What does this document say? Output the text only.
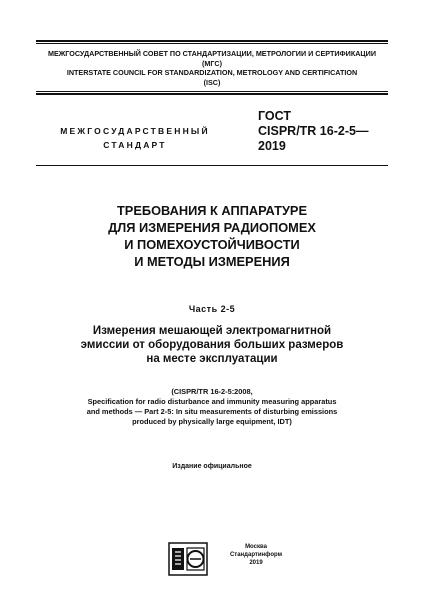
МЕЖГОСУДАРСТВЕННЫЙ СОВЕТ ПО СТАНДАРТИЗАЦИИ, МЕТРОЛОГИИ И СЕРТИФИКАЦИИ
(МГС)
INTERSTATE COUNCIL FOR STANDARDIZATION, METROLOGY AND CERTIFICATION
(ISC)
МЕЖГОСУДАРСТВЕННЫЙ
СТАНДАРТ
ГОСТ
CISPR/TR 16-2-5—
2019
ТРЕБОВАНИЯ К АППАРАТУРЕ
ДЛЯ ИЗМЕРЕНИЯ РАДИОПОМЕХ
И ПОМЕХОУСТОЙЧИВОСТИ
И МЕТОДЫ ИЗМЕРЕНИЯ
Часть 2-5
Измерения мешающей электромагнитной
эмиссии от оборудования больших размеров
на месте эксплуатации
(CISPR/TR 16-2-5:2008,
Specification for radio disturbance and immunity measuring apparatus
and methods — Part 2-5: In situ measurements of disturbing emissions
produced by physically large equipment, IDT)
Издание официальное
Москва
Стандартинформ
2019
